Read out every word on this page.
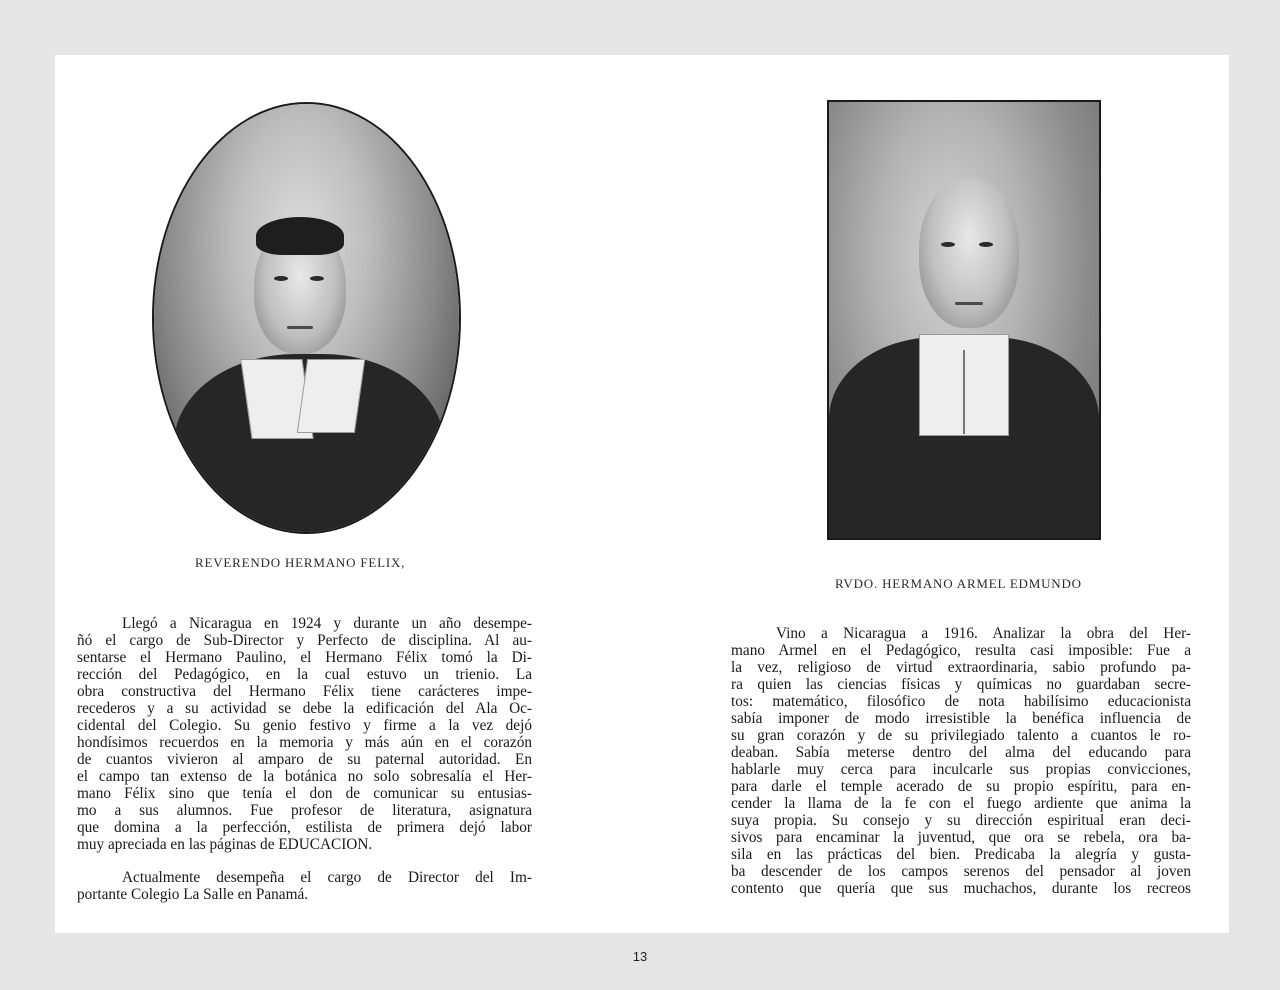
REVERENDO HERMANO FELIX,

Llegó a Nicaragua en 1924 y durante un año desempe-

ñó el cargo de Sub-Director y Perfecto de disciplina. Al au-

sentarse el Hermano Paulino, el Hermano Félix tomó la Di-

rección del Pedagógico, en la cual estuvo un trienio. La

obra constructiva del Hermano Félix tiene carácteres impe-

recederos y a su actividad se debe la edificación del Ala Oc-

cidental del Colegio. Su genio festivo y firme a la vez dejó

hondísimos recuerdos en la memoria y más aún en el corazón

de cuantos vivieron al amparo de su paternal autoridad. En

el campo tan extenso de la botánica no solo sobresalía el Her-

mano Félix sino que tenía el don de comunicar su entusias-

mo a sus alumnos. Fue profesor de literatura, asignatura

que domina a la perfección, estilista de primera dejó labor

muy apreciada en las páginas de EDUCACION.

Actualmente desempeña el cargo de Director del Im-

portante Colegio La Salle en Panamá.

RVDO. HERMANO ARMEL EDMUNDO

Vino a Nicaragua a 1916. Analizar la obra del Her-

mano Armel en el Pedagógico, resulta casi imposible: Fue a

la vez, religioso de virtud extraordinaria, sabio profundo pa-

ra quien las ciencias físicas y químicas no guardaban secre-

tos: matemático, filosófico de nota habilísimo educacionista

sabía imponer de modo irresistible la benéfica influencia de

su gran corazón y de su privilegiado talento a cuantos le ro-

deaban. Sabía meterse dentro del alma del educando para

hablarle muy cerca para inculcarle sus propias convicciones,

para darle el temple acerado de su propio espíritu, para en-

cender la llama de la fe con el fuego ardiente que anima la

suya propia. Su consejo y su dirección espiritual eran deci-

sivos para encaminar la juventud, que ora se rebela, ora ba-

sila en las prácticas del bien. Predicaba la alegría y gusta-

ba descender de los campos serenos del pensador al joven

contento que quería que sus muchachos, durante los recreos

13
